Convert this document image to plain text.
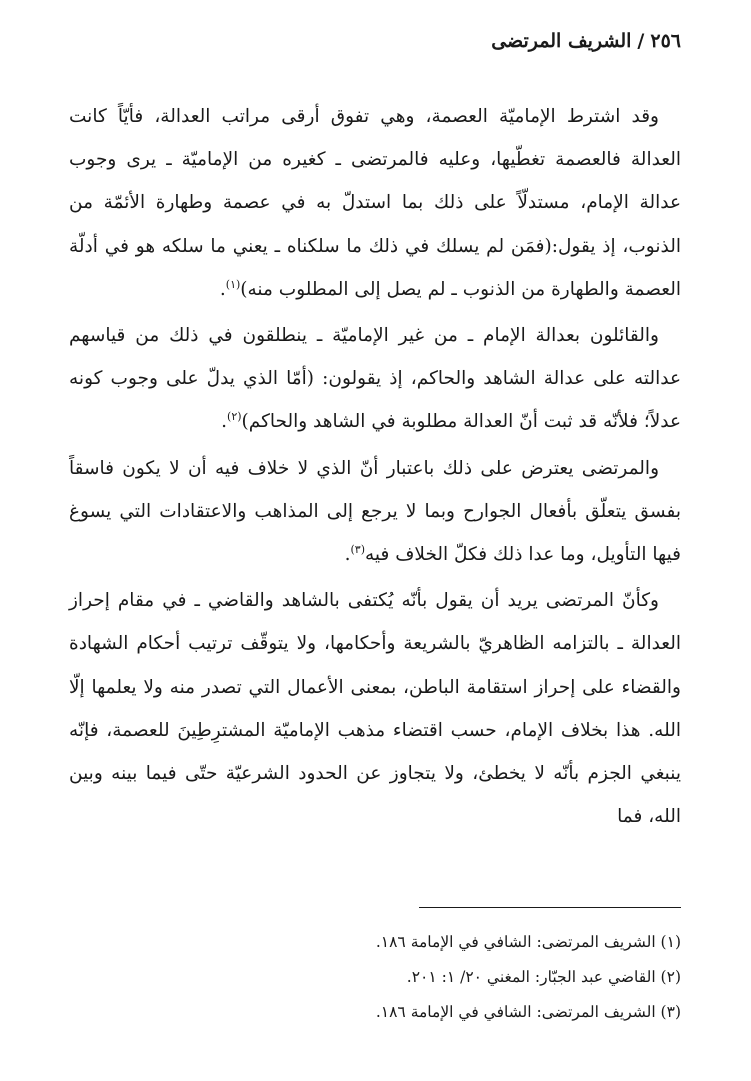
٢٥٦/الشريف المرتضى

وقد اشترط الإماميّة العصمة، وهي تفوق أرقى مراتب العدالة، فأيّاً كانت العدالة فالعصمة تغطّيها، وعليه فالمرتضى ـ كغيره من الإماميّة ـ يرى وجوب عدالة الإمام، مستدلّاً على ذلك بما استدلّ به في عصمة وطهارة الأئمّة من الذنوب، إذ يقول:(فمَن لم يسلك في ذلك ما سلكناه ـ يعني ما سلكه هو في أدلّة العصمة والطهارة من الذنوب ـ لم يصل إلى المطلوب منه)$^{(١)}$.

والقائلون بعدالة الإمام ـ من غير الإماميّة ـ ينطلقون في ذلك من قياسهم عدالته على عدالة الشاهد والحاكم، إذ يقولون: (أمّا الذي يدلّ على وجوب كونه عدلاً؛ فلأنّه قد ثبت أنّ العدالة مطلوبة في الشاهد والحاكم)$^{(٢)}$.

والمرتضى يعترض على ذلك باعتبار أنّ الذي لا خلاف فيه أن لا يكون فاسقاً بفسق يتعلّق بأفعال الجوارح وبما لا يرجع إلى المذاهب والاعتقادات التي يسوغ فيها التأويل، وما عدا ذلك فكلّ الخلاف فيه$^{(٣)}$.

وكأنّ المرتضى يريد أن يقول بأنّه يُكتفى بالشاهد والقاضي ـ في مقام إحراز العدالة ـ بالتزامه الظاهريّ بالشريعة وأحكامها، ولا يتوقّف ترتيب أحكام الشهادة والقضاء على إحراز استقامة الباطن، بمعنى الأعمال التي تصدر منه ولا يعلمها إلّا الله. هذا بخلاف الإمام، حسب اقتضاء مذهب الإماميّة المشترِطِينَ للعصمة، فإنّه ينبغي الجزم بأنّه لا يخطئ، ولا يتجاوز عن الحدود الشرعيّة حتّى فيما بينه وبين الله، فما

(١) الشريف المرتضى: الشافي في الإمامة ١٨٦.
(٢) القاضي عبد الجبّار: المغني ٢٠/ ١: ٢٠١.
(٣) الشريف المرتضى: الشافي في الإمامة ١٨٦.
